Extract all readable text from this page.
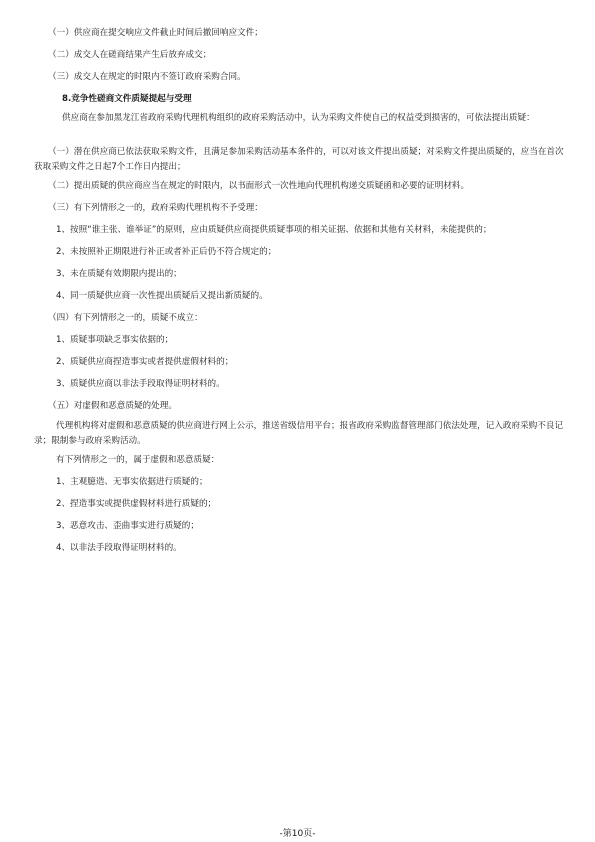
（一）供应商在提交响应文件截止时间后撤回响应文件；
（二）成交人在磋商结果产生后放弃成交；
（三）成交人在规定的时限内不签订政府采购合同。
8.竞争性磋商文件质疑提起与受理
供应商在参加黑龙江省政府采购代理机构组织的政府采购活动中，认为采购文件使自己的权益受到损害的，可依法提出质疑：
（一）潜在供应商已依法获取采购文件，且满足参加采购活动基本条件的，可以对该文件提出质疑；对采购文件提出质疑的，应当在首次获取采购文件之日起7个工作日内提出；
（二）提出质疑的供应商应当在规定的时限内，以书面形式一次性地向代理机构递交质疑函和必要的证明材料。
（三）有下列情形之一的，政府采购代理机构不予受理：
1、按照“谁主张、谁举证”的原则，应由质疑供应商提供质疑事项的相关证据、依据和其他有关材料，未能提供的；
2、未按照补正期限进行补正或者补正后仍不符合规定的；
3、未在质疑有效期限内提出的；
4、同一质疑供应商一次性提出质疑后又提出新质疑的。
（四）有下列情形之一的，质疑不成立：
1、质疑事项缺乏事实依据的；
2、质疑供应商捏造事实或者提供虚假材料的；
3、质疑供应商以非法手段取得证明材料的。
（五）对虚假和恶意质疑的处理。
代理机构将对虚假和恶意质疑的供应商进行网上公示，推送省级信用平台；报省政府采购监督管理部门依法处理，记入政府采购不良记录；限制参与政府采购活动。
有下列情形之一的，属于虚假和恶意质疑：
1、主观臆造、无事实依据进行质疑的；
2、捏造事实或提供虚假材料进行质疑的；
3、恶意攻击、歪曲事实进行质疑的；
4、以非法手段取得证明材料的。
-第10页-
